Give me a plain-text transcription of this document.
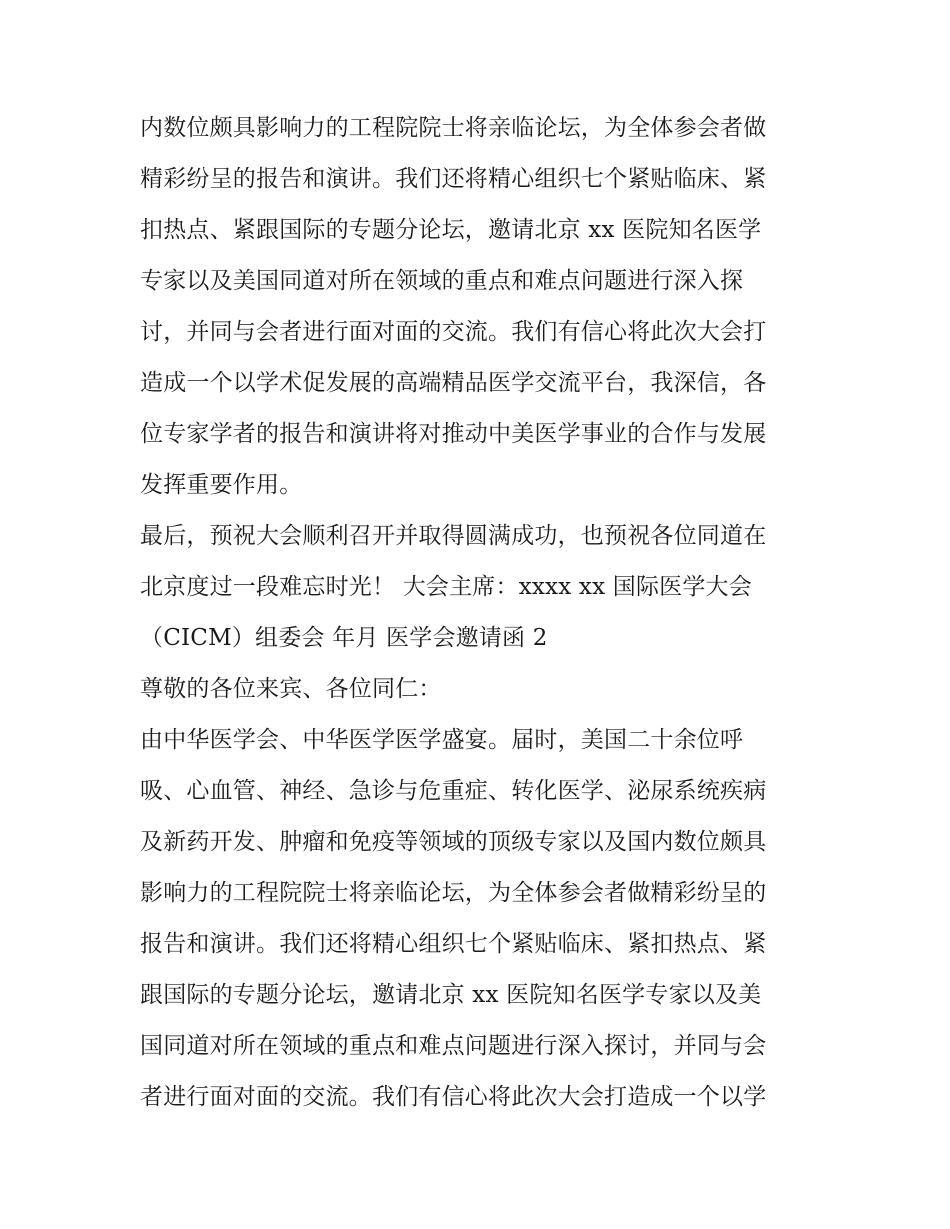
内数位颇具影响力的工程院院士将亲临论坛，为全体参会者做
精彩纷呈的报告和演讲。我们还将精心组织七个紧贴临床、紧
扣热点、紧跟国际的专题分论坛，邀请北京 xx 医院知名医学
专家以及美国同道对所在领域的重点和难点问题进行深入探
讨，并同与会者进行面对面的交流。我们有信心将此次大会打
造成一个以学术促发展的高端精品医学交流平台，我深信，各
位专家学者的报告和演讲将对推动中美医学事业的合作与发展
发挥重要作用。
最后，预祝大会顺利召开并取得圆满成功，也预祝各位同道在
北京度过一段难忘时光！ 大会主席：xxxx xx 国际医学大会
（CICM）组委会 年月 医学会邀请函 2
尊敬的各位来宾、各位同仁：
由中华医学会、中华医学医学盛宴。届时，美国二十余位呼
吸、心血管、神经、急诊与危重症、转化医学、泌尿系统疾病
及新药开发、肿瘤和免疫等领域的顶级专家以及国内数位颇具
影响力的工程院院士将亲临论坛，为全体参会者做精彩纷呈的
报告和演讲。我们还将精心组织七个紧贴临床、紧扣热点、紧
跟国际的专题分论坛，邀请北京 xx 医院知名医学专家以及美
国同道对所在领域的重点和难点问题进行深入探讨，并同与会
者进行面对面的交流。我们有信心将此次大会打造成一个以学
